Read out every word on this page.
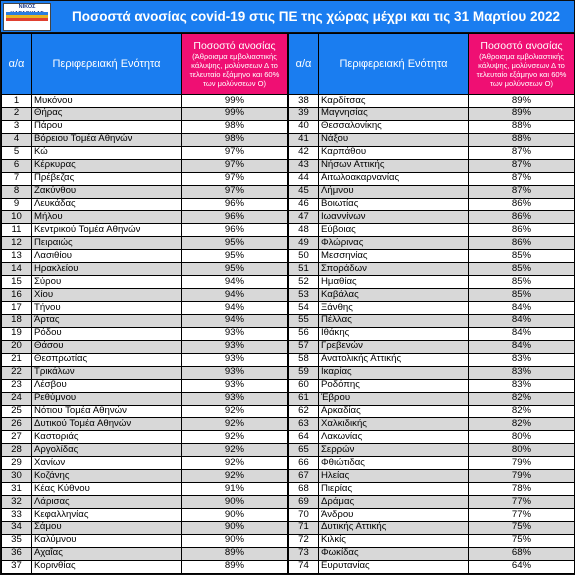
ΝΙΚΟΣ
Ποσοστά ανοσίας covid-19 στις ΠΕ της χώρας μέχρι και τις 31 Μαρτίου 2022
α/α	Περιφερειακή Ενότητα	Ποσοστό ανοσίας
(Άθροισμα εμβολιαστικής κάλυψης, μολύνσεων Δ το τελευταίο εξάμηνο και 60% των μολύνσεων Ο)

1	Μυκόνου	99%
2	Θήρας	99%
3	Πάρου	98%
4	Βόρειου Τομέα Αθηνών	98%
5	Κώ	97%
6	Κέρκυρας	97%
7	Πρέβεζας	97%
8	Ζακύνθου	97%
9	Λευκάδας	96%
10	Μήλου	96%
11	Κεντρικού Τομέα Αθηνών	96%
12	Πειραιώς	95%
13	Λασιθίου	95%
14	Ηρακλείου	95%
15	Σύρου	94%
16	Χίου	94%
17	Τήνου	94%
18	Άρτας	94%
19	Ρόδου	93%
20	Θάσου	93%
21	Θεσπρωτίας	93%
22	Τρικάλων	93%
23	Λέσβου	93%
24	Ρεθύμνου	93%
25	Νότιου Τομέα Αθηνών	92%
26	Δυτικού Τομέα Αθηνών	92%
27	Καστοριάς	92%
28	Αργολίδας	92%
29	Χανίων	92%
30	Κοζάνης	92%
31	Κέας Κύθνου	91%
32	Λάρισας	90%
33	Κεφαλληνίας	90%
34	Σάμου	90%
35	Καλύμνου	90%
36	Αχαΐας	89%
37	Κορινθίας	89%
α/α	Περιφερειακή Ενότητα	Ποσοστό ανοσίας
(Άθροισμα εμβολιαστικής κάλυψης, μολύνσεων Δ το τελευταίο εξάμηνο και 60% των μολύνσεων Ο)

38	Καρδίτσας	89%
39	Μαγνησίας	89%
40	Θεσσαλονίκης	88%
41	Νάξου	88%
42	Καρπάθου	87%
43	Νήσων Αττικής	87%
44	Αιτωλοακαρνανίας	87%
45	Λήμνου	87%
46	Βοιωτίας	86%
47	Ιωαννίνων	86%
48	Εύβοιας	86%
49	Φλώρινας	86%
50	Μεσσηνίας	85%
51	Σποράδων	85%
52	Ημαθίας	85%
53	Καβάλας	85%
54	Ξάνθης	84%
55	Πέλλας	84%
56	Ιθάκης	84%
57	Γρεβενών	84%
58	Ανατολικής Αττικής	83%
59	Ικαρίας	83%
60	Ροδόπης	83%
61	Έβρου	82%
62	Αρκαδίας	82%
63	Χαλκιδικής	82%
64	Λακωνίας	80%
65	Σερρών	80%
66	Φθιώτιδας	79%
67	Ηλείας	79%
68	Πιερίας	78%
69	Δράμας	77%
70	Άνδρου	77%
71	Δυτικής Αττικής	75%
72	Κιλκίς	75%
73	Φωκίδας	68%
74	Ευρυτανίας	64%
